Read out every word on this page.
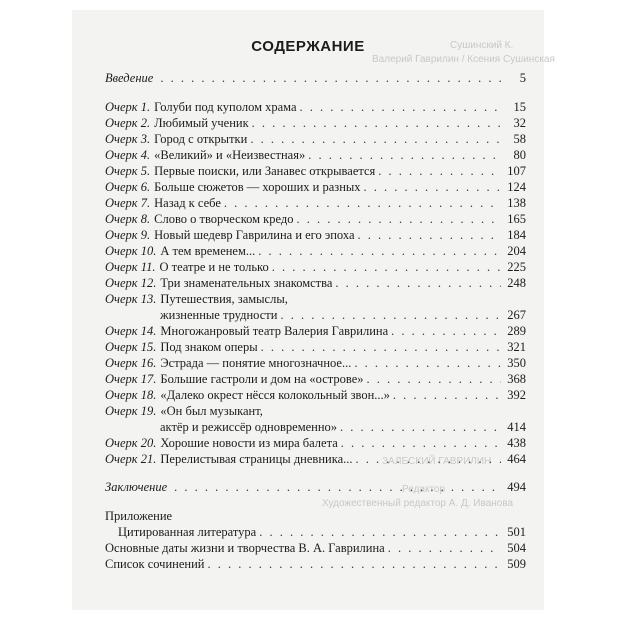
Сушинский К.
Валерий Гаврилин / Ксения Сушинская
ЗАЛЕСКИЙ ГАВРИЛИН
Редактор
Художественный редактор А. Д. Иванова
СОДЕРЖАНИЕ
Введение . . .	5
Очерк 1. Голуби под куполом храма . . .	15
Очерк 2. Любимый ученик . . .	32
Очерк 3. Город с открытки . . .	58
Очерк 4. «Великий» и «Неизвестная» . . .	80
Очерк 5. Первые поиски, или Занавес открывается . . .	107
Очерк 6. Больше сюжетов — хороших и разных . . .	124
Очерк 7. Назад к себе . . .	138
Очерк 8. Слово о творческом кредо . . .	165
Очерк 9. Новый шедевр Гаврилина и его эпоха . . .	184
Очерк 10. А тем временем... . . .	204
Очерк 11. О театре и не только . . .	225
Очерк 12. Три знаменательных знакомства . . .	248
Очерк 13. Путешествия, замыслы,
жизненные трудности . . .	267
Очерк 14. Многожанровый театр Валерия Гаврилина . . .	289
Очерк 15. Под знаком оперы . . .	321
Очерк 16. Эстрада — понятие многозначное... . . .	350
Очерк 17. Большие гастроли и дом на «острове» . . .	368
Очерк 18. «Далеко окрест нёсся колокольный звон...» . . .	392
Очерк 19. «Он был музыкант,
актёр и режиссёр одновременно» . . .	414
Очерк 20. Хорошие новости из мира балета . . .	438
Очерк 21. Перелистывая страницы дневника... . . .	464
Заключение . . .	494
Приложение
Цитированная литература . . .	501
Основные даты жизни и творчества В. А. Гаврилина . . .	504
Список сочинений . . .	509
